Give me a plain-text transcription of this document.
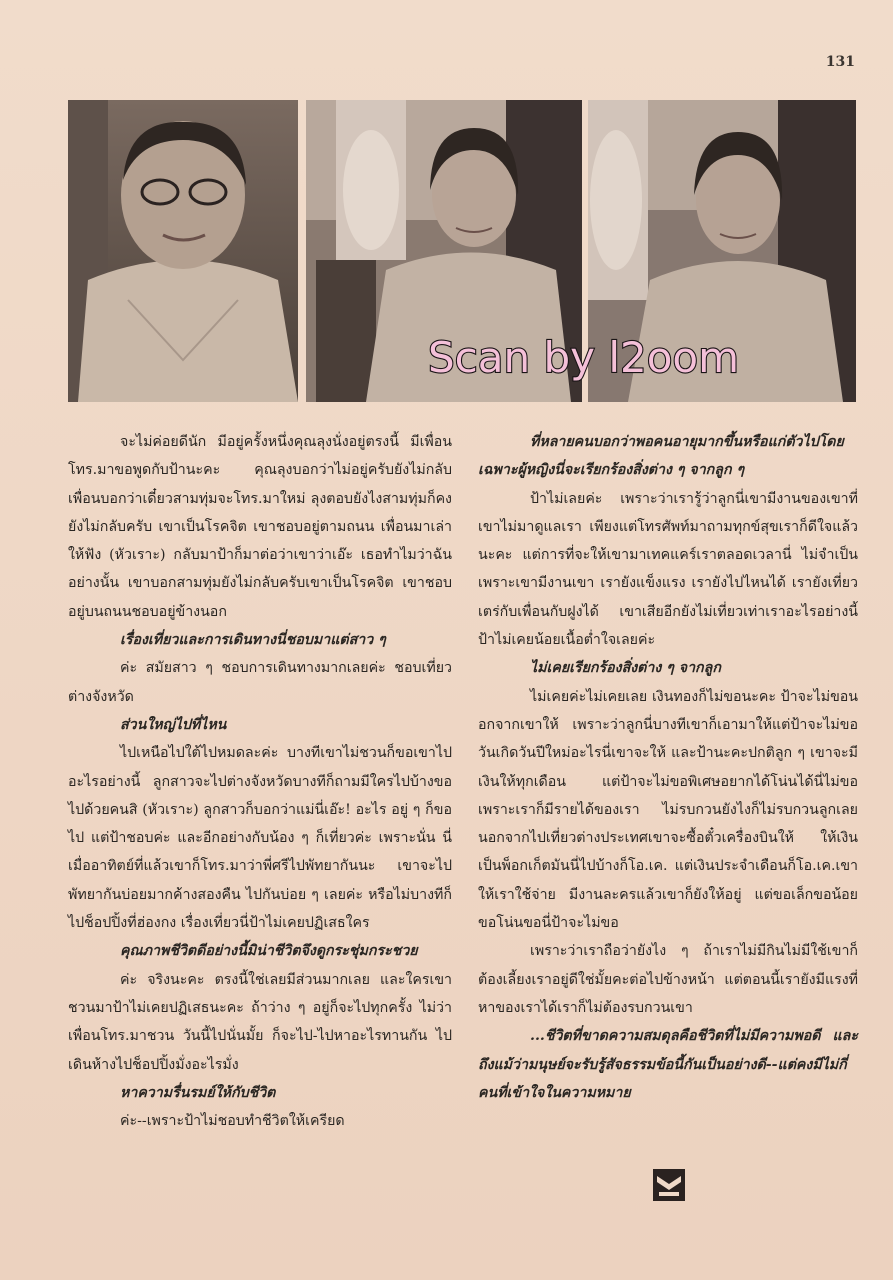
131
Scan by l2oom

จะไม่ค่อยดีนัก มีอยู่ครั้งหนึ่งคุณลุงนั่งอยู่ตรงนี้ มีเพื่อนโทร.มาขอพูดกับป้านะคะ คุณลุงบอกว่าไม่อยู่ครับยังไม่กลับ เพื่อนบอกว่าเดี๋ยวสามทุ่มจะโทร.มาใหม่ ลุงตอบยังไงสามทุ่มก็คงยังไม่กลับครับ เขาเป็นโรคจิต เขาชอบอยู่ตามถนน เพื่อนมาเล่าให้ฟัง (หัวเราะ) กลับมาป้าก็มาต่อว่าเขาว่าเอ๊ะ เธอทำไมว่าฉันอย่างนั้น เขาบอกสามทุ่มยังไม่กลับครับเขาเป็นโรคจิต เขาชอบอยู่บนถนนชอบอยู่ข้างนอก

เรื่องเที่ยวและการเดินทางนี่ชอบมาแต่สาว ๆ

ค่ะ สมัยสาว ๆ ชอบการเดินทางมากเลยค่ะ ชอบเที่ยวต่างจังหวัด

ส่วนใหญ่ไปที่ไหน

ไปเหนือไปใต้ไปหมดละค่ะ บางทีเขาไม่ชวนก็ขอเขาไปอะไรอย่างนี้ ลูกสาวจะไปต่างจังหวัดบางทีก็ถามมีใครไปบ้างขอไปด้วยคนสิ (หัวเราะ) ลูกสาวก็บอกว่าแม่นี่เอ๊ะ! อะไร อยู่ ๆ ก็ขอไป แต่ป้าชอบค่ะ และอีกอย่างกับน้อง ๆ ก็เที่ยวค่ะ เพราะนั่น นี่เมื่ออาทิตย์ที่แล้วเขาก็โทร.มาว่าพี่ศรีไปพัทยากันนะ เขาจะไปพัทยากันบ่อยมากค้างสองคืน ไปกันบ่อย ๆ เลยค่ะ หรือไม่บางทีก็ไปช็อปปิ้งที่ฮ่องกง เรื่องเที่ยวนี่ป้าไม่เคยปฏิเสธใคร

คุณภาพชีวิตดีอย่างนี้มิน่าชีวิตจึงดูกระชุ่มกระชวย

ค่ะ จริงนะคะ ตรงนี้ใช่เลยมีส่วนมากเลย และใครเขาชวนมาป้าไม่เคยปฏิเสธนะคะ ถ้าว่าง ๆ อยู่ก็จะไปทุกครั้ง ไม่ว่าเพื่อนโทร.มาชวน วันนี้ไปนั่นมั้ย ก็จะไป-ไปหาอะไรทานกัน ไปเดินห้างไปช็อปปิ้งมั่งอะไรมั่ง

หาความรื่นรมย์ให้กับชีวิต

ค่ะ--เพราะป้าไม่ชอบทำชีวิตให้เครียด

ที่หลายคนบอกว่าพอคนอายุมากขึ้นหรือแก่ตัวไปโดยเฉพาะผู้หญิงนี่จะเรียกร้องสิ่งต่าง ๆ จากลูก ๆ

ป้าไม่เลยค่ะ เพราะว่าเรารู้ว่าลูกนี่เขามีงานของเขาที่เขาไม่มาดูแลเรา เพียงแต่โทรศัพท์มาถามทุกข์สุขเราก็ดีใจแล้วนะคะ แต่การที่จะให้เขามาเทคแคร์เราตลอดเวลานี่ ไม่จำเป็นเพราะเขามีงานเขา เรายังแข็งแรง เรายังไปไหนได้ เรายังเที่ยวเตร่กับเพื่อนกับฝูงได้ เขาเสียอีกยังไม่เที่ยวเท่าเราอะไรอย่างนี้ ป้าไม่เคยน้อยเนื้อต่ำใจเลยค่ะ

ไม่เคยเรียกร้องสิ่งต่าง ๆ จากลูก

ไม่เคยค่ะไม่เคยเลย เงินทองก็ไม่ขอนะคะ ป้าจะไม่ขอนอกจากเขาให้ เพราะว่าลูกนี่บางทีเขาก็เอามาให้แต่ป้าจะไม่ขอ วันเกิดวันปีใหม่อะไรนี่เขาจะให้ และป้านะคะปกติลูก ๆ เขาจะมีเงินให้ทุกเดือน แต่ป้าจะไม่ขอพิเศษอยากได้โน่นได้นี่ไม่ขอ เพราะเราก็มีรายได้ของเรา ไม่รบกวนยังไงก็ไม่รบกวนลูกเลย นอกจากไปเที่ยวต่างประเทศเขาจะซื้อตั๋วเครื่องบินให้ ให้เงินเป็นพ็อกเก็ตมันนี่ไปบ้างก็โอ.เค. แต่เงินประจำเดือนก็โอ.เค.เขาให้เราใช้จ่าย มีงานละครแล้วเขาก็ยังให้อยู่ แต่ขอเล็กขอน้อยขอโน่นขอนี่ป้าจะไม่ขอ

เพราะว่าเราถือว่ายังไง ๆ ถ้าเราไม่มีกินไม่มีใช้เขาก็ต้องเลี้ยงเราอยู่ดีใช่มั้ยคะต่อไปข้างหน้า แต่ตอนนี้เรายังมีแรงที่หาของเราได้เราก็ไม่ต้องรบกวนเขา

...ชีวิตที่ขาดความสมดุลคือชีวิตที่ไม่มีความพอดี และถึงแม้ว่ามนุษย์จะรับรู้สัจธรรมข้อนี้กันเป็นอย่างดี--แต่คงมีไม่กี่คนที่เข้าใจในความหมาย
